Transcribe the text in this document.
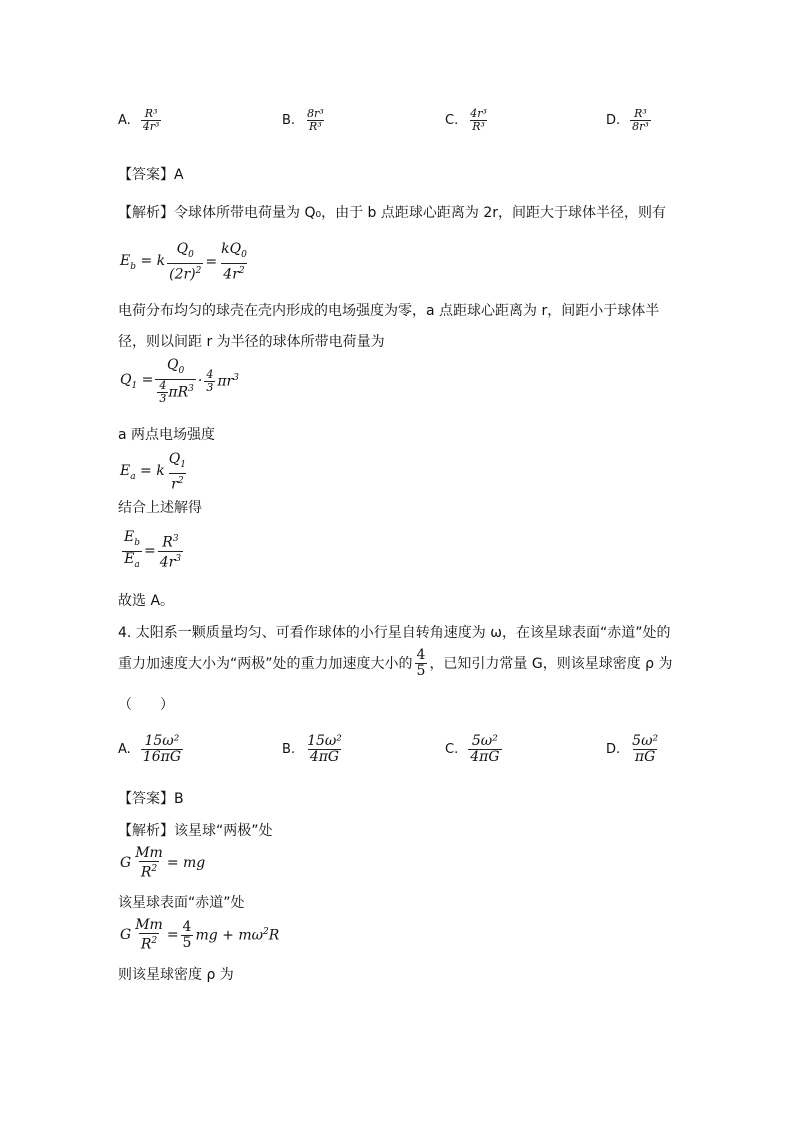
A. $\frac{\text{R³}}{\text{4r³}}$	B. $\frac{\text{8r³}}{\text{R³}}$	C. $\frac{\text{4r³}}{\text{R³}}$	D. $\frac{\text{R³}}{\text{8r³}}$
【答案】A
【解析】令球体所带电荷量为 Q₀，由于 b 点距球心距离为 2r，间距大于球体半径，则有
$E_b = k \frac{Q_0}{(2r)^2} = \frac{kQ_0}{4r^2}$
电荷分布均匀的球壳在壳内形成的电场强度为零，a 点距球心距离为 r，间距小于球体半
径，则以间距 r 为半径的球体所带电荷量为
$Q_1 = \frac{Q_0}{\frac{4}{3} \pi R^3} \cdot \frac{4}{3} \pi r^3$
a 两点电场强度
$E_a = k \frac{Q_1}{r^2}$
结合上述解得
$\frac{E_b}{E_a} = \frac{R^3}{4r^3}$
故选 A。
4. 太阳系一颗质量均匀、可看作球体的小行星自转角速度为 ω，在该星球表面“赤道”处的
重力加速度大小为“两极”处的重力加速度大小的 $\frac{4}{5}$ ，已知引力常量 G，则该星球密度 ρ 为
（　　）
A. $\frac{\text{15ω²}}{16\pi G}$	B. $\frac{\text{15ω²}}{4\pi G}$	C. $\frac{\text{5ω²}}{4\pi G}$	D. $\frac{\text{5ω²}}{\pi G}$
【答案】B
【解析】该星球“两极”处
G $\frac{Mm}{R^2}$ = mg
该星球表面“赤道”处
G $\frac{Mm}{R^2} = \frac{4}{5}$ mg + $m\omega^2R$
则该星球密度 ρ 为
